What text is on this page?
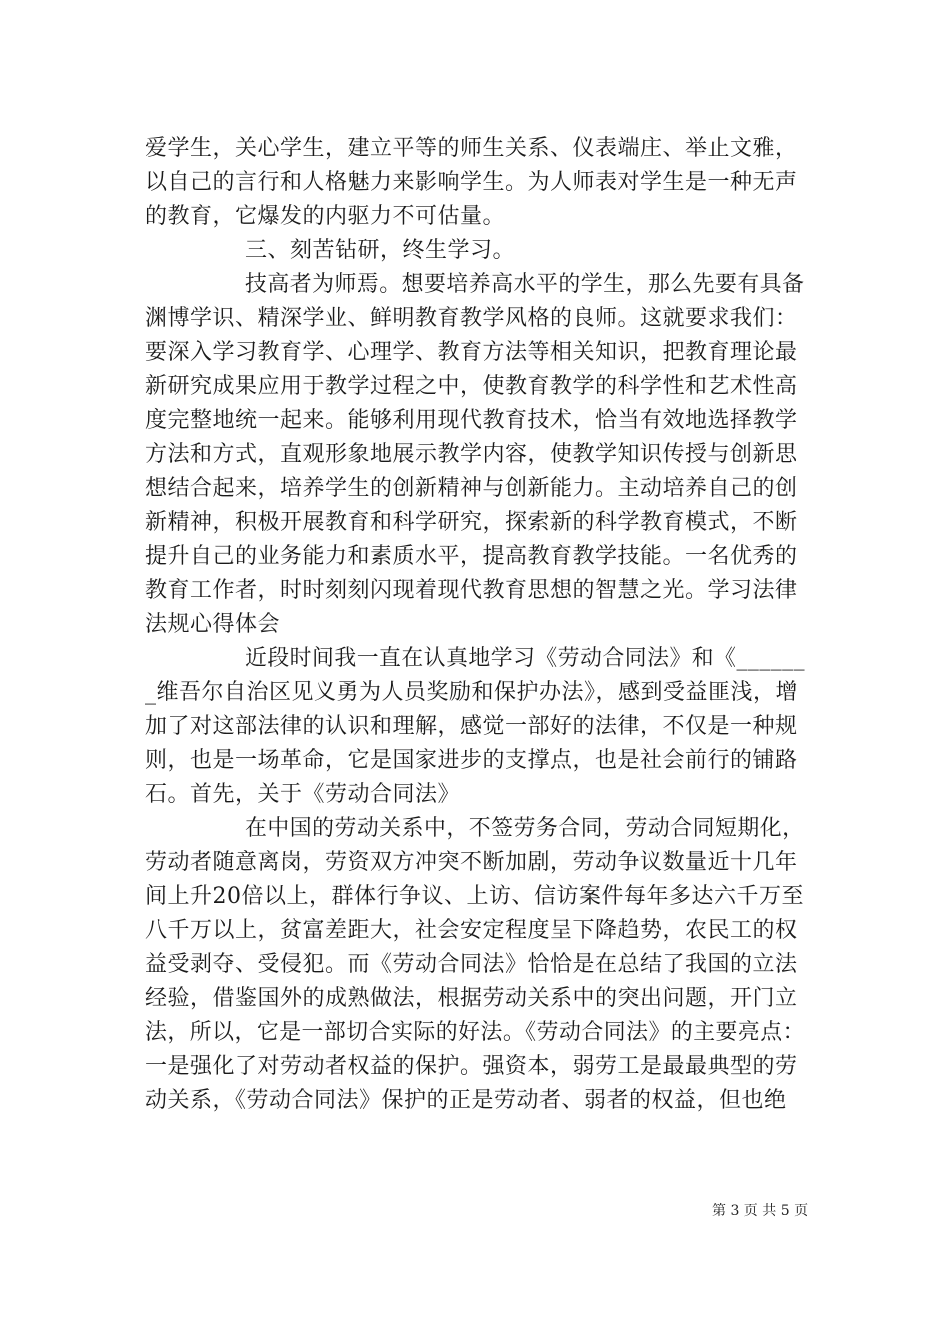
爱学生，关心学生，建立平等的师生关系、仪表端庄、举止文雅，
以自己的言行和人格魅力来影响学生。为人师表对学生是一种无声
的教育，它爆发的内驱力不可估量。
三、刻苦钻研，终生学习。
技高者为师焉。想要培养高水平的学生，那么先要有具备
渊博学识、精深学业、鲜明教育教学风格的良师。这就要求我们：
要深入学习教育学、心理学、教育方法等相关知识，把教育理论最
新研究成果应用于教学过程之中，使教育教学的科学性和艺术性高
度完整地统一起来。能够利用现代教育技术，恰当有效地选择教学
方法和方式，直观形象地展示教学内容，使教学知识传授与创新思
想结合起来，培养学生的创新精神与创新能力。主动培养自己的创
新精神，积极开展教育和科学研究，探索新的科学教育模式，不断
提升自己的业务能力和素质水平，提高教育教学技能。一名优秀的
教育工作者，时时刻刻闪现着现代教育思想的智慧之光。学习法律
法规心得体会
近段时间我一直在认真地学习《劳动合同法》和《______
_维吾尔自治区见义勇为人员奖励和保护办法》，感到受益匪浅，增
加了对这部法律的认识和理解，感觉一部好的法律，不仅是一种规
则，也是一场革命，它是国家进步的支撑点，也是社会前行的铺路
石。首先，关于《劳动合同法》
在中国的劳动关系中，不签劳务合同，劳动合同短期化，
劳动者随意离岗，劳资双方冲突不断加剧，劳动争议数量近十几年
间上升20倍以上，群体行争议、上访、信访案件每年多达六千万至
八千万以上，贫富差距大，社会安定程度呈下降趋势，农民工的权
益受剥夺、受侵犯。而《劳动合同法》恰恰是在总结了我国的立法
经验，借鉴国外的成熟做法，根据劳动关系中的突出问题，开门立
法，所以，它是一部切合实际的好法。《劳动合同法》的主要亮点：
一是强化了对劳动者权益的保护。强资本，弱劳工是最最典型的劳
动关系，《劳动合同法》保护的正是劳动者、弱者的权益，但也绝
第 3 页 共 5 页
